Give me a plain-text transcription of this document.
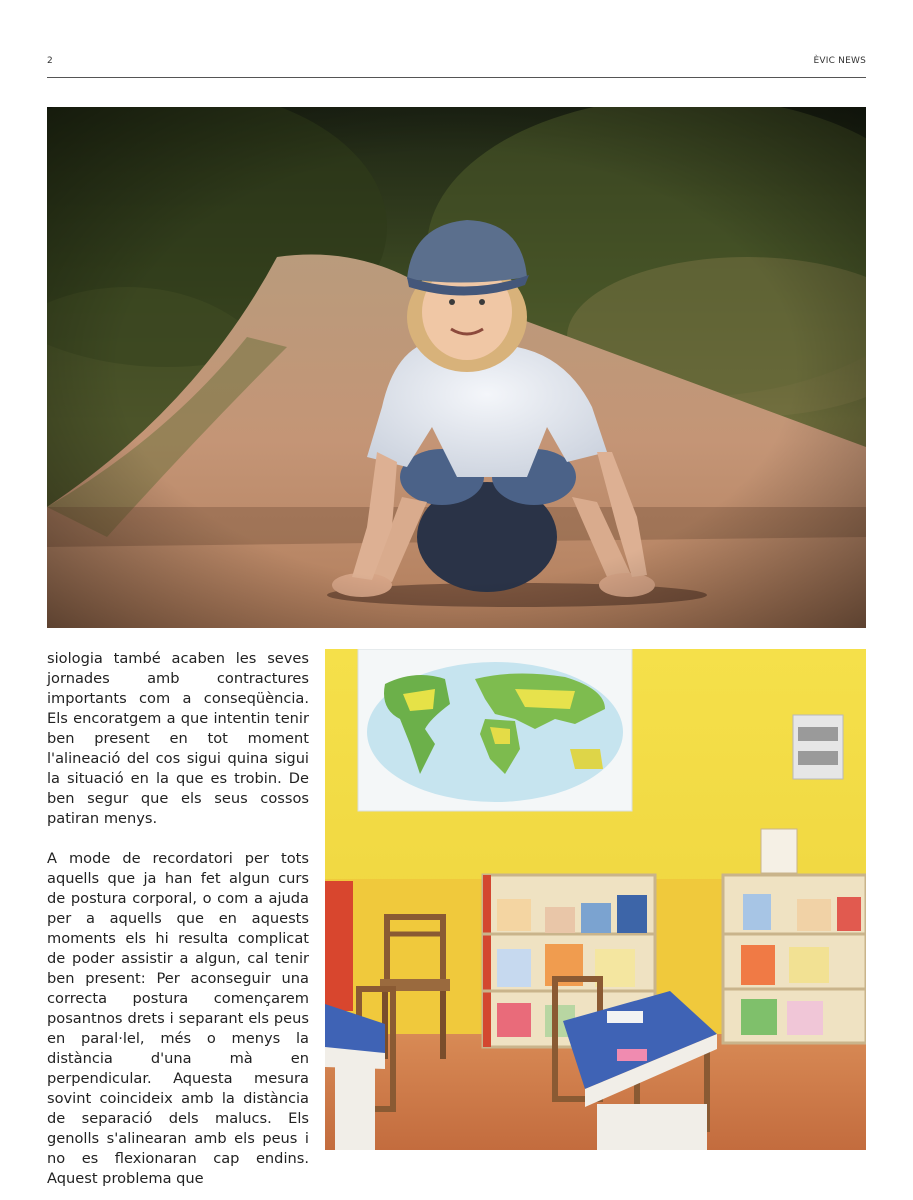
2	ÈVIC NEWS

siologia també acaben les seves jornades amb contractures importants com a conseqüència. Els encoratgem a que intentin tenir ben present en tot moment l'alineació del cos sigui quina sigui la situació en la que es trobin. De ben segur que els seus cossos patiran menys.

A mode de recordatori per tots aquells que ja han fet algun curs de postura corporal, o com a ajuda per a aquells que en aquests moments els hi resulta complicat de poder assistir a algun, cal tenir ben present: Per aconseguir una correcta postura començarem posantnos drets i separant els peus en paral·lel, més o menys la distància d'una mà en perpendicular. Aquesta mesura sovint coincideix amb la distància de separació dels malucs. Els genolls s'alinearan amb els peus i no es flexionaran cap endins. Aquest problema que
